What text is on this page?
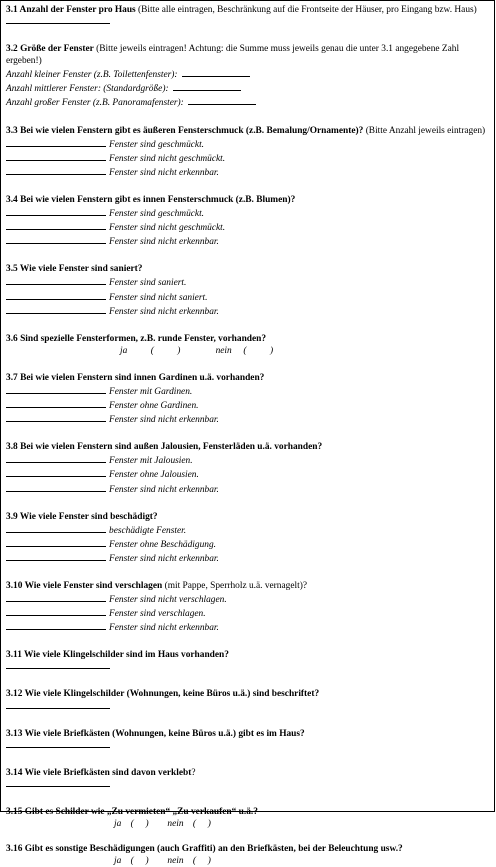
3.1 Anzahl der Fenster pro Haus (Bitte alle eintragen, Beschränkung auf die Frontseite der Häuser, pro Eingang bzw. Haus)
3.2 Größe der Fenster (Bitte jeweils eintragen! Achtung: die Summe muss jeweils genau die unter 3.1 angegebene Zahl ergeben!)
Anzahl kleiner Fenster (z.B. Toilettenfenster):
Anzahl mittlerer Fenster: (Standardgröße):
Anzahl großer Fenster (z.B. Panoramafenster):
3.3 Bei wie vielen Fenstern gibt es äußeren Fensterschmuck (z.B. Bemalung/Ornamente)? (Bitte Anzahl jeweils eintragen)
Fenster sind geschmückt.
Fenster sind nicht geschmückt.
Fenster sind nicht erkennbar.
3.4 Bei wie vielen Fenstern gibt es innen Fensterschmuck (z.B. Blumen)?
Fenster sind geschmückt.
Fenster sind nicht geschmückt.
Fenster sind nicht erkennbar.
3.5 Wie viele Fenster sind saniert?
Fenster sind saniert.
Fenster sind nicht saniert.
Fenster sind nicht erkennbar.
3.6 Sind spezielle Fensterformen, z.B. runde Fenster, vorhanden?
ja          (          )               nein     (          )
3.7 Bei wie vielen Fenstern sind innen Gardinen u.ä. vorhanden?
Fenster mit Gardinen.
Fenster ohne Gardinen.
Fenster sind nicht erkennbar.
3.8 Bei wie vielen Fenstern sind außen Jalousien, Fensterläden u.ä. vorhanden?
Fenster mit Jalousien.
Fenster ohne Jalousien.
Fenster sind nicht erkennbar.
3.9 Wie viele Fenster sind beschädigt?
beschädigte Fenster.
Fenster ohne Beschädigung.
Fenster sind nicht erkennbar.
3.10 Wie viele Fenster sind verschlagen (mit Pappe, Sperrholz u.ä. vernagelt)?
Fenster sind nicht verschlagen.
Fenster sind verschlagen.
Fenster sind nicht erkennbar.
3.11 Wie viele Klingelschilder sind im Haus vorhanden?
3.12 Wie viele Klingelschilder (Wohnungen, keine Büros u.ä.) sind beschriftet?
3.13 Wie viele Briefkästen (Wohnungen, keine Büros u.ä.) gibt es im Haus?
3.14 Wie viele Briefkästen sind davon verklebt?
3.15 Gibt es Schilder wie „Zu vermieten“ „Zu verkaufen“ u.ä.?
ja    (     )        nein    (     )
3.16 Gibt es sonstige Beschädigungen (auch Graffiti) an den Briefkästen, bei der Beleuchtung usw.?
ja    (     )        nein    (     )
